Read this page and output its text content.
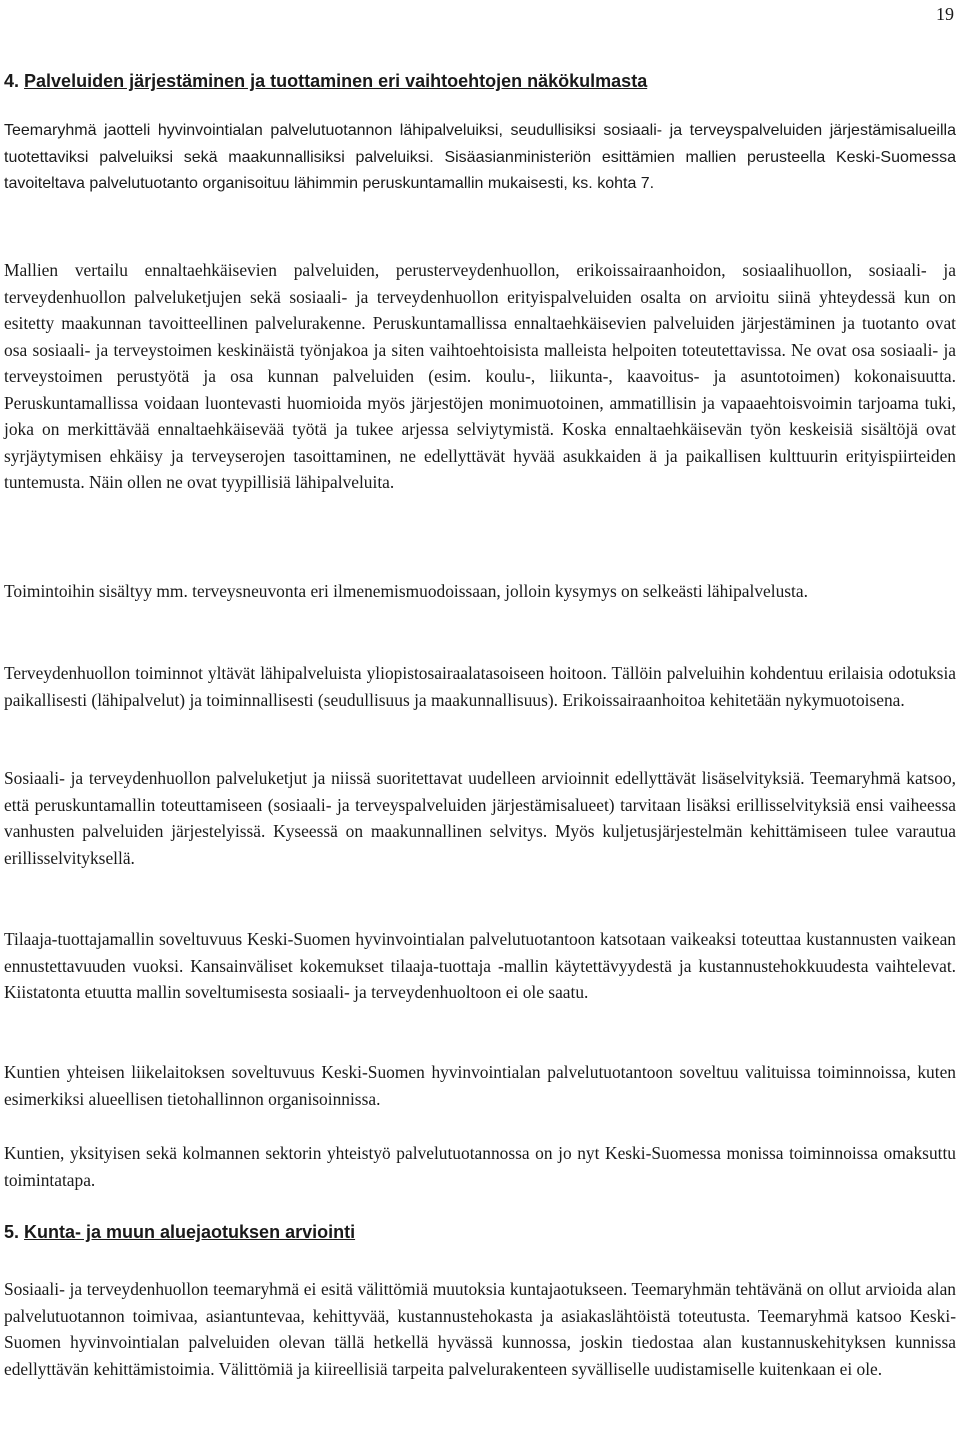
19
4. Palveluiden järjestäminen ja tuottaminen eri vaihtoehtojen näkökulmasta

Teemaryhmä jaotteli hyvinvointialan palvelutuotannon lähipalveluiksi, seudullisiksi sosiaali- ja terveyspalveluiden järjestämisalueilla tuotettaviksi palveluiksi sekä maakunnallisiksi palveluiksi. Sisäasianministeriön esittämien mallien perusteella Keski-Suomessa tavoiteltava palvelutuotanto organisoituu lähimmin peruskuntamallin mukaisesti, ks. kohta 7.

Mallien vertailu ennaltaehkäisevien palveluiden, perusterveydenhuollon, erikoissairaanhoidon, sosiaalihuollon, sosiaali- ja terveydenhuollon palveluketjujen sekä sosiaali- ja terveydenhuollon erityispalveluiden osalta on arvioitu siinä yhteydessä kun on esitetty maakunnan tavoitteellinen palvelurakenne. Peruskuntamallissa ennaltaehkäisevien palveluiden järjestäminen ja tuotanto ovat osa sosiaali- ja terveystoimen keskinäistä työnjakoa ja siten vaihtoehtoisista malleista helpoiten toteutettavissa. Ne ovat osa sosiaali- ja terveystoimen perustyötä ja osa kunnan palveluiden (esim. koulu-, liikunta-, kaavoitus- ja asuntotoimen) kokonaisuutta. Peruskuntamallissa voidaan luontevasti huomioida myös järjestöjen monimuotoinen, ammatillisin ja vapaaehtoisvoimin tarjoama tuki, joka on merkittävää ennaltaehkäisevää työtä ja tukee arjessa selviytymistä. Koska ennaltaehkäisevän työn keskeisiä sisältöjä ovat syrjäytymisen ehkäisy ja terveyserojen tasoittaminen, ne edellyttävät hyvää asukkaiden ä ja paikallisen kulttuurin erityispiirteiden tuntemusta. Näin ollen ne ovat tyypillisiä lähipalveluita.

Toimintoihin sisältyy mm. terveysneuvonta eri ilmenemismuodoissaan, jolloin kysymys on selkeästi lähipalvelusta.

Terveydenhuollon toiminnot yltävät lähipalveluista yliopistosairaalatasoiseen hoitoon. Tällöin palveluihin kohdentuu erilaisia odotuksia paikallisesti (lähipalvelut) ja toiminnallisesti (seudullisuus ja maakunnallisuus). Erikoissairaanhoitoa kehitetään nykymuotoisena.

Sosiaali- ja terveydenhuollon palveluketjut ja niissä suoritettavat uudelleen arvioinnit edellyttävät lisäselvityksiä. Teemaryhmä katsoo, että peruskuntamallin toteuttamiseen (sosiaali- ja terveyspalveluiden järjestämisalueet) tarvitaan lisäksi erillisselvityksiä ensi vaiheessa vanhusten palveluiden järjestelyissä. Kyseessä on maakunnallinen selvitys. Myös kuljetusjärjestelmän kehittämiseen tulee varautua erillisselvityksellä.

Tilaaja-tuottajamallin soveltuvuus Keski-Suomen hyvinvointialan palvelutuotantoon katsotaan vaikeaksi toteuttaa kustannusten vaikean ennustettavuuden vuoksi. Kansainväliset kokemukset tilaaja-tuottaja -mallin käytettävyydestä ja kustannustehokkuudesta vaihtelevat. Kiistatonta etuutta mallin soveltumisesta sosiaali- ja terveydenhuoltoon ei ole saatu.

Kuntien yhteisen liikelaitoksen soveltuvuus Keski-Suomen hyvinvointialan palvelutuotantoon soveltuu valituissa toiminnoissa, kuten esimerkiksi alueellisen tietohallinnon organisoinnissa.

Kuntien, yksityisen sekä kolmannen sektorin yhteistyö palvelutuotannossa on jo nyt Keski-Suomessa monissa toiminnoissa omaksuttu toimintatapa.

5. Kunta- ja muun aluejaotuksen arviointi

Sosiaali- ja terveydenhuollon teemaryhmä ei esitä välittömiä muutoksia kuntajaotukseen. Teemaryhmän tehtävänä on ollut arvioida alan palvelutuotannon toimivaa, asiantuntevaa, kehittyvää, kustannustehokasta ja asiakaslähtöistä toteutusta. Teemaryhmä katsoo Keski-Suomen hyvinvointialan palveluiden olevan tällä hetkellä hyvässä kunnossa, joskin tiedostaa alan kustannuskehityksen kunnissa edellyttävän kehittämistoimia. Välittömiä ja kiireellisiä tarpeita palvelurakenteen syvälliselle uudistamiselle kuitenkaan ei ole.
